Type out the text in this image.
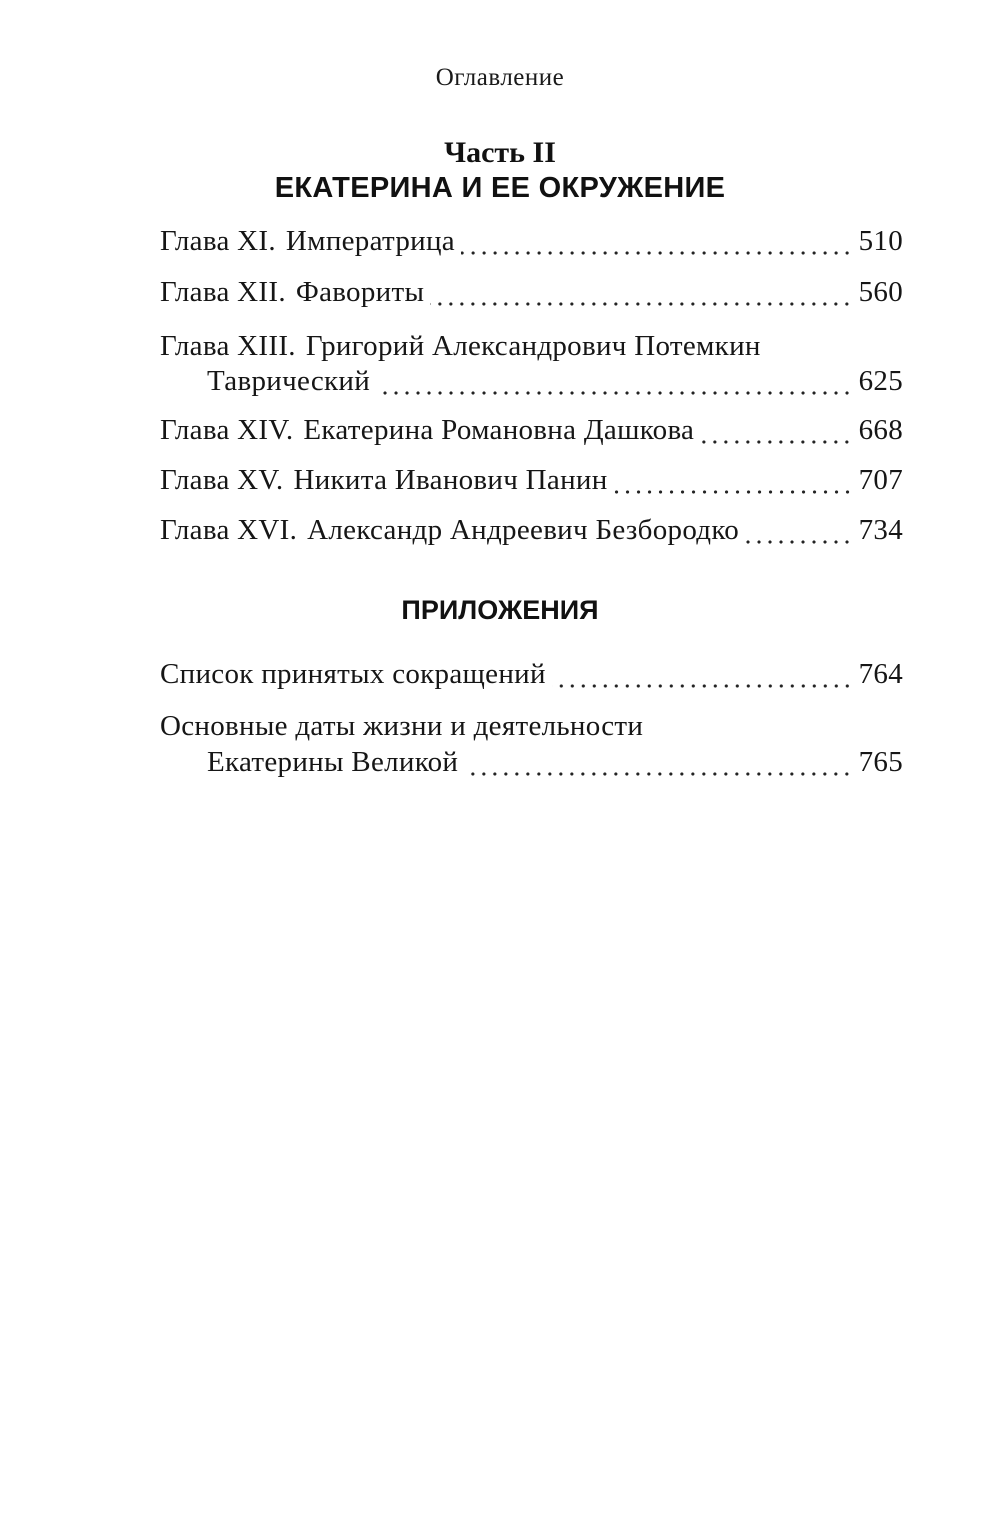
Оглавление
Часть II
ЕКАТЕРИНА И ЕЕ ОКРУЖЕНИЕ
Глава XI. Императрица	510
Глава XII. Фавориты	560
Глава XIII. Григорий Александрович Потемкин
Таврический	625
Глава XIV. Екатерина Романовна Дашкова	668
Глава XV. Никита Иванович Панин	707
Глава XVI. Александр Андреевич Безбородко	734
ПРИЛОЖЕНИЯ
Список принятых сокращений	764
Основные даты жизни и деятельности
Екатерины Великой	765
